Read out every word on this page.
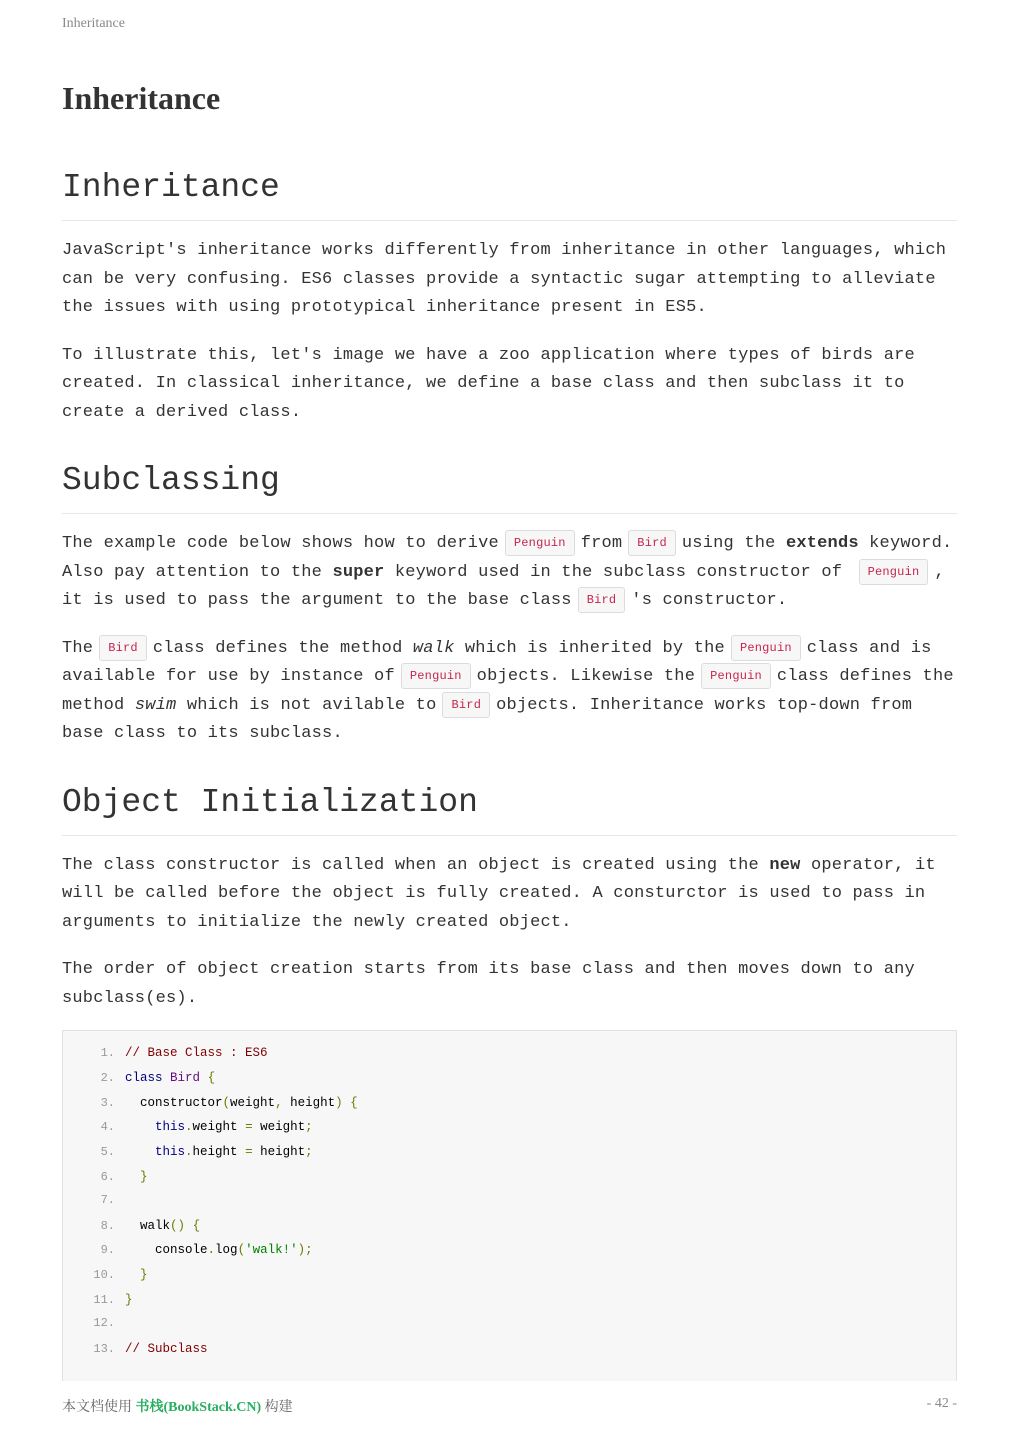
Inheritance
Inheritance
Inheritance

JavaScript's inheritance works differently from inheritance in other languages, which can be very confusing. ES6 classes provide a syntactic sugar attempting to alleviate the issues with using prototypical inheritance present in ES5.

To illustrate this, let's image we have a zoo application where types of birds are created. In classical inheritance, we define a base class and then subclass it to create a derived class.

Subclassing

The example code below shows how to derive Penguin from Bird using the extends keyword. Also pay attention to the super keyword used in the subclass constructor of Penguin , it is used to pass the argument to the base class Bird 's constructor.

The Bird class defines the method walk which is inherited by the Penguin class and is available for use by instance of Penguin objects. Likewise the Penguin class defines the method swim which is not avilable to Bird objects. Inheritance works top-down from base class to its subclass.

Object Initialization

The class constructor is called when an object is created using the new operator, it will be called before the object is fully created. A consturctor is used to pass in arguments to initialize the newly created object.

The order of object creation starts from its base class and then moves down to any subclass(es).

1. // Base Class : ES6
2. class Bird {
3.	constructor(weight, height) {
4.	this.weight = weight;
5.	this.height = height;
6.	}
7.
8.	walk() {
9.	console.log('walk!');
10.	}
11. }
12.
13. // Subclass
本文档使用 书栈(BookStack.CN) 构建	- 42 -
